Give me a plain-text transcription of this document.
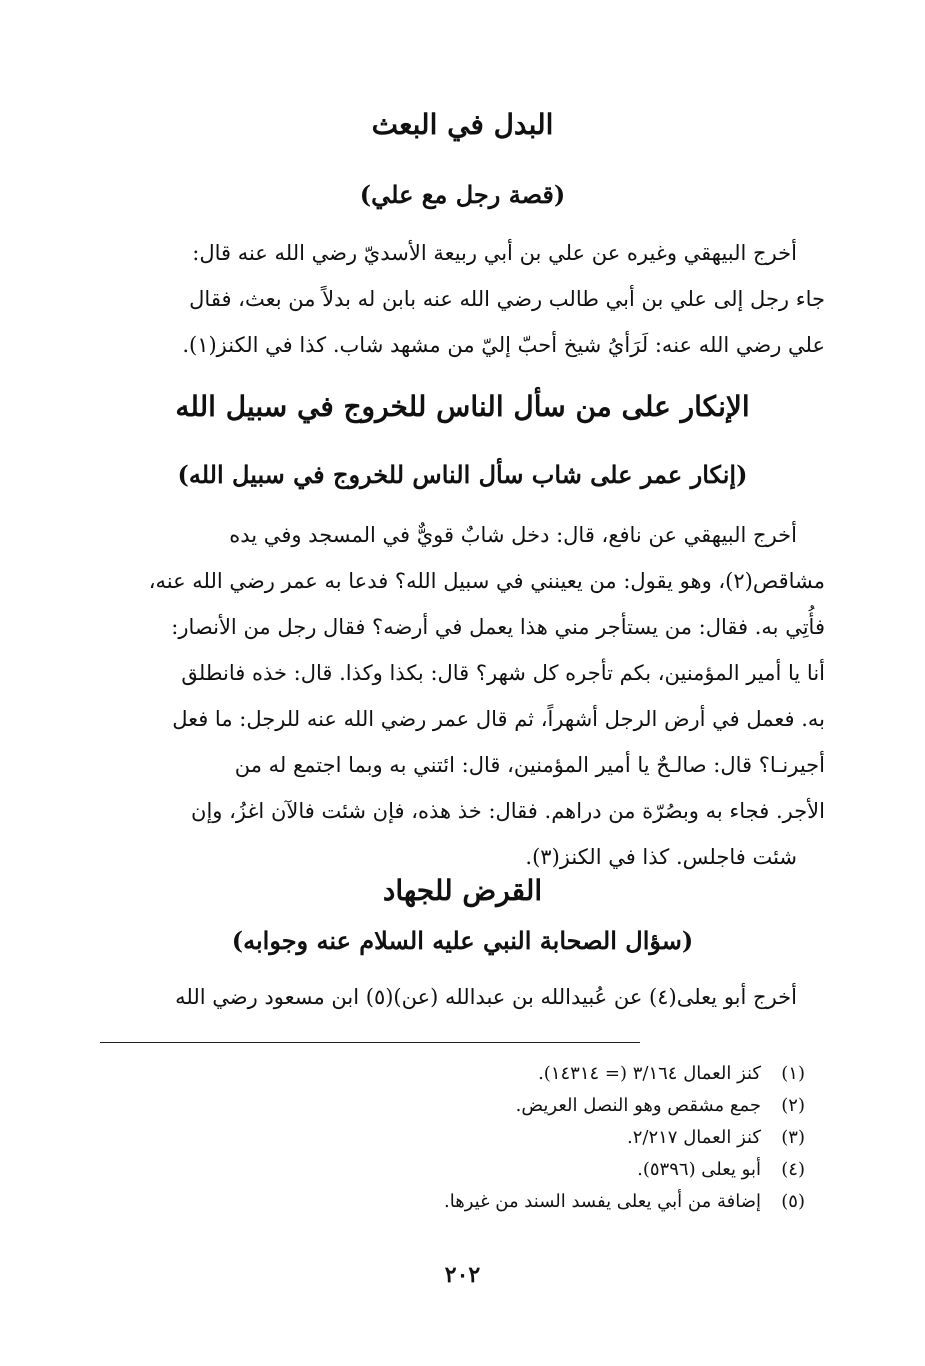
البدل في البعث
(قصة رجل مع علي)
أخرج البيهقي وغيره عن علي بن أبي ربيعة الأسديّ رضي الله عنه قال:
جاء رجل إلى علي بن أبي طالب رضي الله عنه بابن له بدلاً من بعث، فقال
علي رضي الله عنه: لَرَأيُ شيخ أحبّ إليّ من مشهد شاب. كذا في الكنز(١).
الإنكار على من سأل الناس للخروج في سبيل الله
(إنكار عمر على شاب سأل الناس للخروج في سبيل الله)
أخرج البيهقي عن نافع، قال: دخل شابٌ قويٌّ في المسجد وفي يده
مشاقص(٢)، وهو يقول: من يعينني في سبيل الله؟ فدعا به عمر رضي الله عنه،
فأُتِي به. فقال: من يستأجر مني هذا يعمل في أرضه؟ فقال رجل من الأنصار:
أنا يا أمير المؤمنين، بكم تأجره كل شهر؟ قال: بكذا وكذا. قال: خذه فانطلق
به. فعمل في أرض الرجل أشهراً، ثم قال عمر رضي الله عنه للرجل: ما فعل
أجيرنـا؟ قال: صالـحٌ يا أمير المؤمنين، قال: ائتني به وبما اجتمع له من
الأجر. فجاء به وبصُرّة من دراهم. فقال: خذ هذه، فإن شئت فالآن اغزُ، وإن
شئت فاجلس. كذا في الكنز(٣).
القرض للجهاد
(سؤال الصحابة النبي عليه السلام عنه وجوابه)
أخرج أبو يعلى(٤) عن عُبيدالله بن عبدالله (عن)(٥) ابن مسعود رضي الله
(١)كنز العمال ٣/١٦٤ (= ١٤٣١٤).
(٢)جمع مشقص وهو النصل العريض.
(٣)كنز العمال ٢/٢١٧.
(٤)أبو يعلى (٥٣٩٦).
(٥)إضافة من أبي يعلى يفسد السند من غيرها.
٢٠٢
